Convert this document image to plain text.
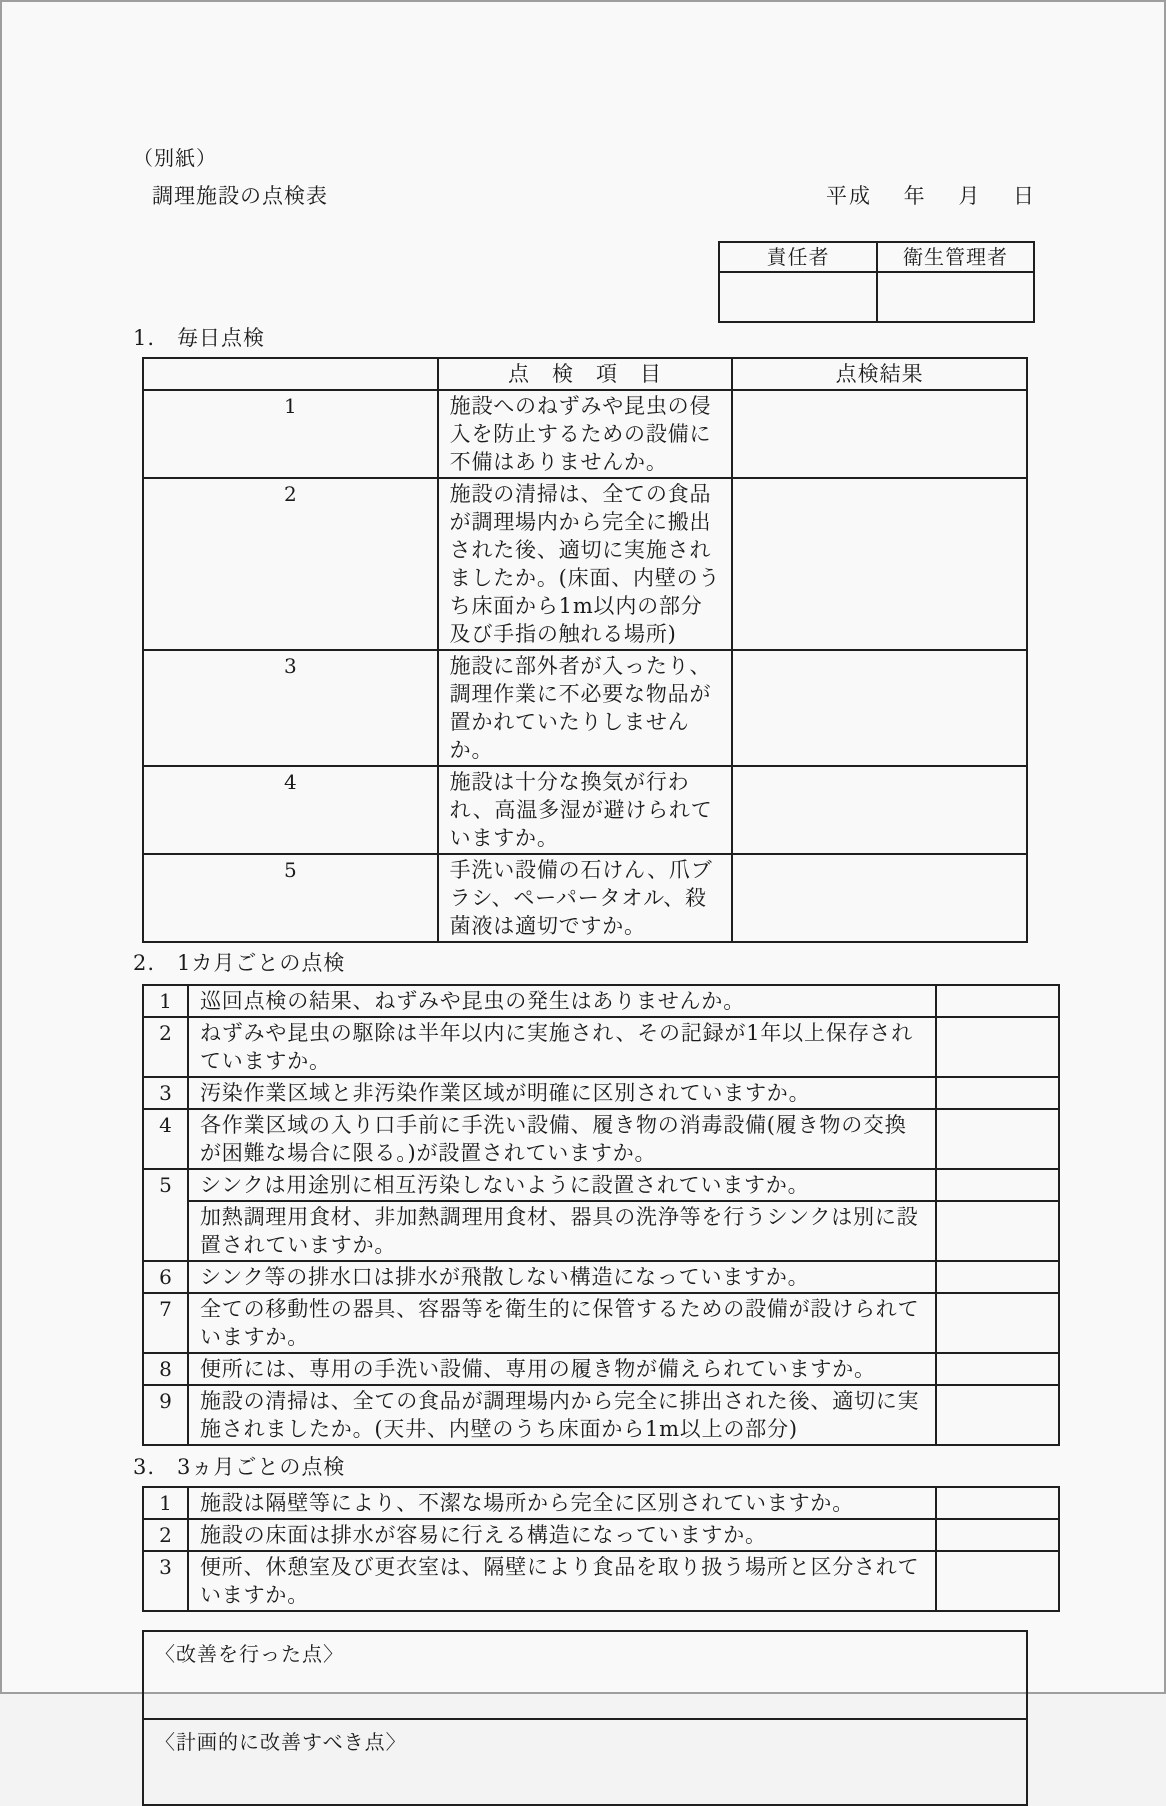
（別紙）
調理施設の点検表	平成　 年　 月　 日
責任者	衛生管理者

1.　毎日点検
	点　検　項　目	点検結果
1	施設へのねずみや昆虫の侵入を防止するための設備に不備はありませんか。	
2	施設の清掃は、全ての食品が調理場内から完全に搬出された後、適切に実施されましたか。(床面、内壁のうち床面から1m以内の部分及び手指の触れる場所)	
3	施設に部外者が入ったり、調理作業に不必要な物品が置かれていたりしませんか。	
4	施設は十分な換気が行われ、高温多湿が避けられていますか。	
5	手洗い設備の石けん、爪ブラシ、ペーパータオル、殺菌液は適切ですか。	
2.　1カ月ごとの点検
1	巡回点検の結果、ねずみや昆虫の発生はありませんか。	
2	ねずみや昆虫の駆除は半年以内に実施され、その記録が1年以上保存されていますか。	
3	汚染作業区域と非汚染作業区域が明確に区別されていますか。	
4	各作業区域の入り口手前に手洗い設備、履き物の消毒設備(履き物の交換が困難な場合に限る。)が設置されていますか。	
5	シンクは用途別に相互汚染しないように設置されていますか。	
	加熱調理用食材、非加熱調理用食材、器具の洗浄等を行うシンクは別に設置されていますか。	
6	シンク等の排水口は排水が飛散しない構造になっていますか。	
7	全ての移動性の器具、容器等を衛生的に保管するための設備が設けられていますか。	
8	便所には、専用の手洗い設備、専用の履き物が備えられていますか。	
9	施設の清掃は、全ての食品が調理場内から完全に排出された後、適切に実施されましたか。(天井、内壁のうち床面から1m以上の部分)	
3.　3ヵ月ごとの点検
1	施設は隔壁等により、不潔な場所から完全に区別されていますか。	
2	施設の床面は排水が容易に行える構造になっていますか。	
3	便所、休憩室及び更衣室は、隔壁により食品を取り扱う場所と区分されていますか。	
〈改善を行った点〉
〈計画的に改善すべき点〉
